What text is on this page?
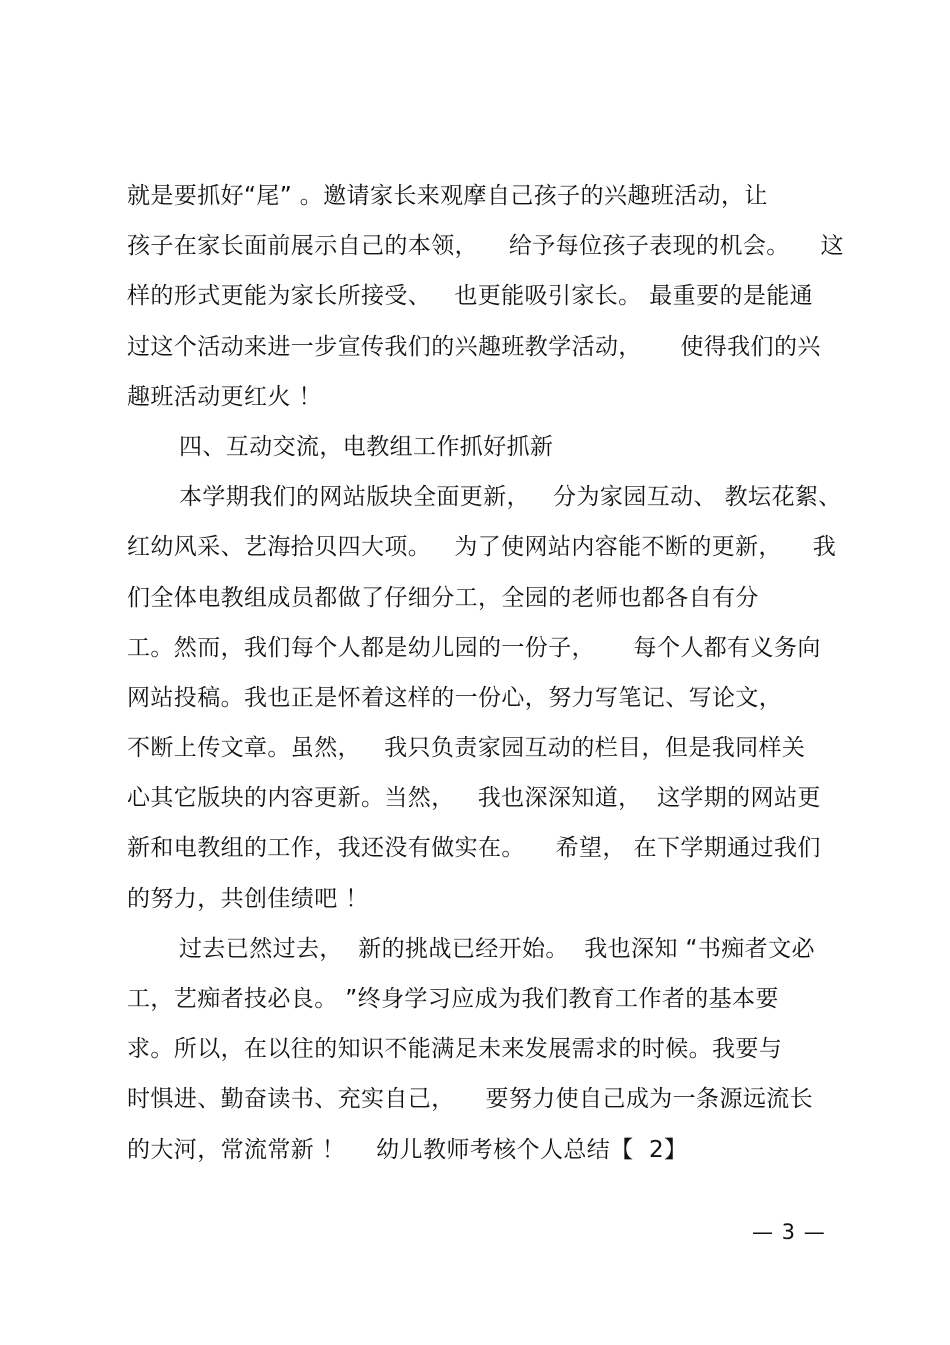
就是要抓好“尾” 。邀请家长来观摩自己孩子的兴趣班活动，让
孩子在家长面前展示自己的本领，    给予每位孩子表现的机会。    这
样的形式更能为家长所接受、   也更能吸引家长。 最重要的是能通
过这个活动来进一步宣传我们的兴趣班教学活动，     使得我们的兴
趣班活动更红火 ！
四、互动交流，电教组工作抓好抓新
本学期我们的网站版块全面更新，   分为家园互动、 教坛花絮、
红幼风采、艺海拾贝四大项。   为了使网站内容能不断的更新，    我
们全体电教组成员都做了仔细分工，全园的老师也都各自有分
工。然而，我们每个人都是幼儿园的一份子，     每个人都有义务向
网站投稿。我也正是怀着这样的一份心，努力写笔记、写论文，
不断上传文章。虽然，   我只负责家园互动的栏目，但是我同样关
心其它版块的内容更新。当然，   我也深深知道，  这学期的网站更
新和电教组的工作，我还没有做实在。    希望， 在下学期通过我们
的努力，共创佳绩吧 ！
过去已然过去，  新的挑战已经开始。  我也深知 “书痴者文必
工，艺痴者技必良。 ”终身学习应成为我们教育工作者的基本要
求。所以，在以往的知识不能满足未来发展需求的时候。我要与
时惧进、勤奋读书、充实自己，    要努力使自己成为一条源远流长
的大河，常流常新 ！    幼儿教师考核个人总结【  2】
— 3 —
